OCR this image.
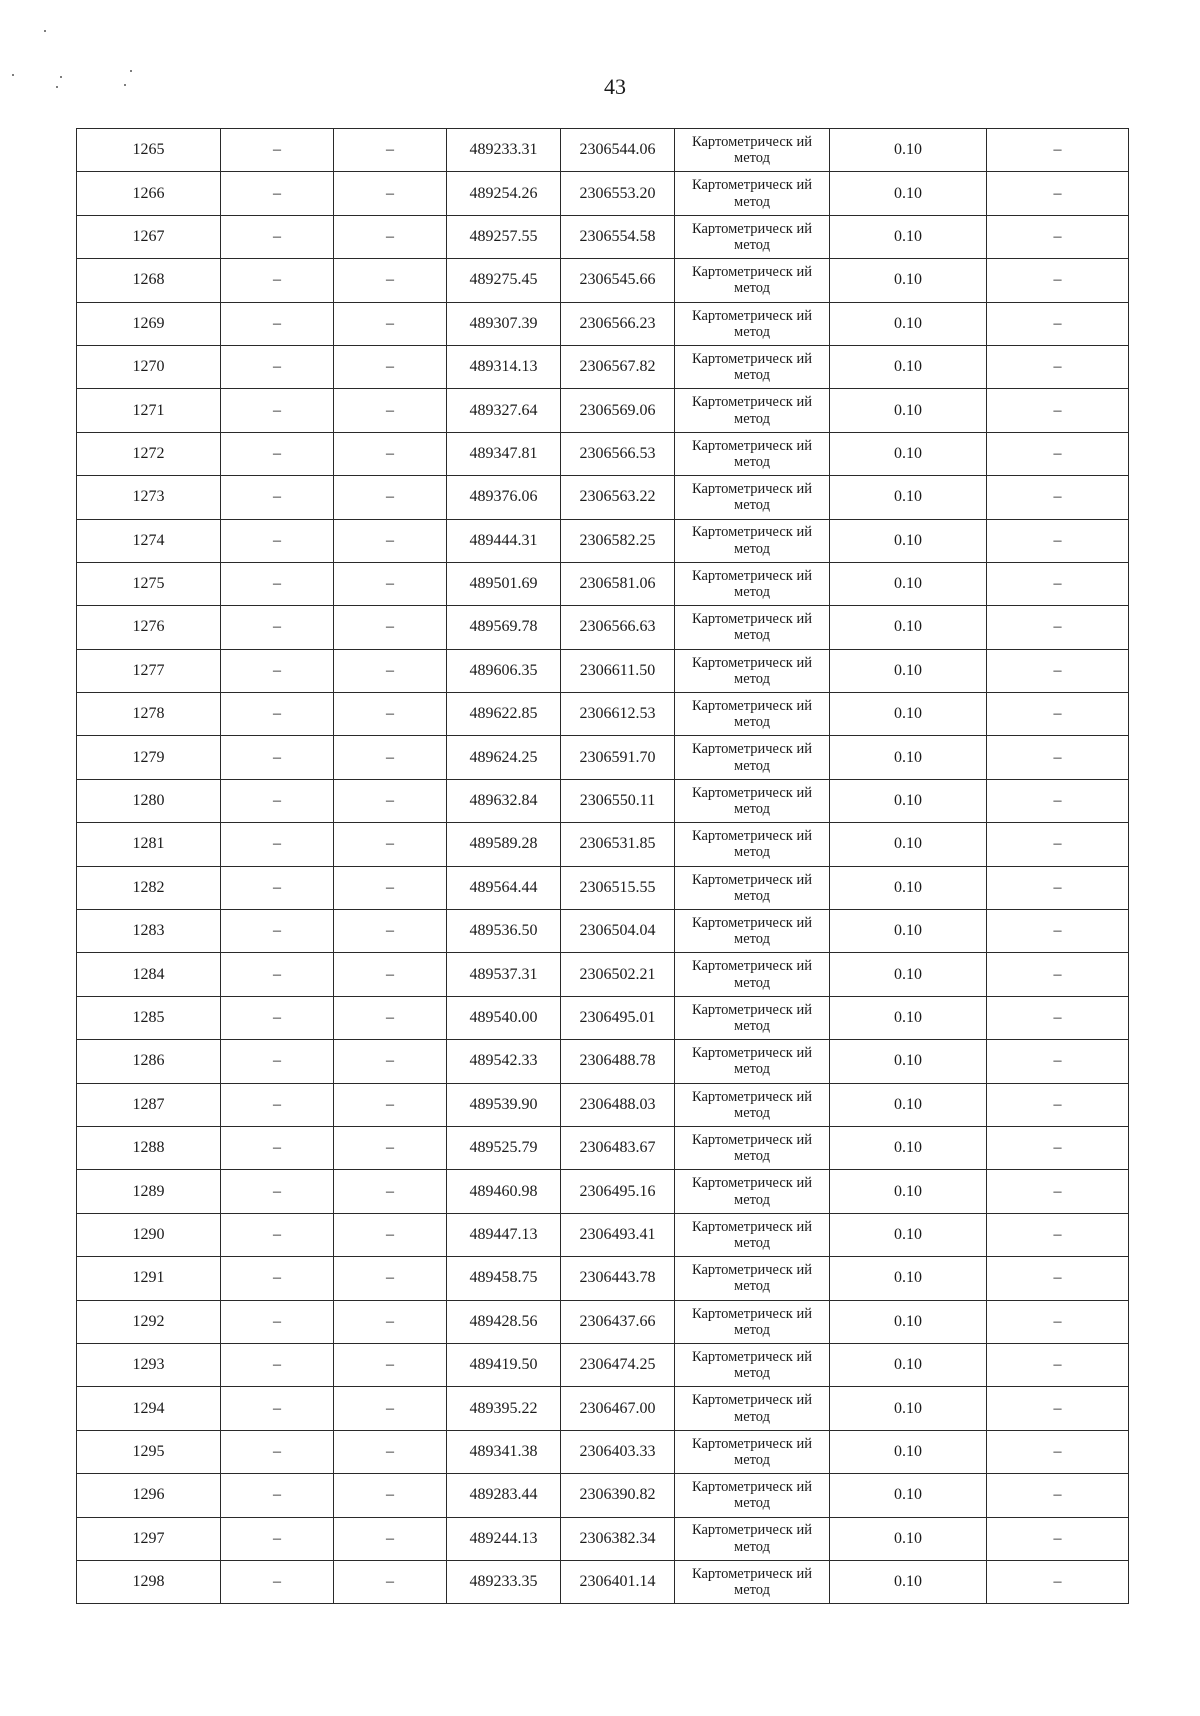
43
1265	–	–	489233.31	2306544.06	Картометрическ ий метод	0.10	–
1266	–	–	489254.26	2306553.20	Картометрическ ий метод	0.10	–
1267	–	–	489257.55	2306554.58	Картометрическ ий метод	0.10	–
1268	–	–	489275.45	2306545.66	Картометрическ ий метод	0.10	–
1269	–	–	489307.39	2306566.23	Картометрическ ий метод	0.10	–
1270	–	–	489314.13	2306567.82	Картометрическ ий метод	0.10	–
1271	–	–	489327.64	2306569.06	Картометрическ ий метод	0.10	–
1272	–	–	489347.81	2306566.53	Картометрическ ий метод	0.10	–
1273	–	–	489376.06	2306563.22	Картометрическ ий метод	0.10	–
1274	–	–	489444.31	2306582.25	Картометрическ ий метод	0.10	–
1275	–	–	489501.69	2306581.06	Картометрическ ий метод	0.10	–
1276	–	–	489569.78	2306566.63	Картометрическ ий метод	0.10	–
1277	–	–	489606.35	2306611.50	Картометрическ ий метод	0.10	–
1278	–	–	489622.85	2306612.53	Картометрическ ий метод	0.10	–
1279	–	–	489624.25	2306591.70	Картометрическ ий метод	0.10	–
1280	–	–	489632.84	2306550.11	Картометрическ ий метод	0.10	–
1281	–	–	489589.28	2306531.85	Картометрическ ий метод	0.10	–
1282	–	–	489564.44	2306515.55	Картометрическ ий метод	0.10	–
1283	–	–	489536.50	2306504.04	Картометрическ ий метод	0.10	–
1284	–	–	489537.31	2306502.21	Картометрическ ий метод	0.10	–
1285	–	–	489540.00	2306495.01	Картометрическ ий метод	0.10	–
1286	–	–	489542.33	2306488.78	Картометрическ ий метод	0.10	–
1287	–	–	489539.90	2306488.03	Картометрическ ий метод	0.10	–
1288	–	–	489525.79	2306483.67	Картометрическ ий метод	0.10	–
1289	–	–	489460.98	2306495.16	Картометрическ ий метод	0.10	–
1290	–	–	489447.13	2306493.41	Картометрическ ий метод	0.10	–
1291	–	–	489458.75	2306443.78	Картометрическ ий метод	0.10	–
1292	–	–	489428.56	2306437.66	Картометрическ ий метод	0.10	–
1293	–	–	489419.50	2306474.25	Картометрическ ий метод	0.10	–
1294	–	–	489395.22	2306467.00	Картометрическ ий метод	0.10	–
1295	–	–	489341.38	2306403.33	Картометрическ ий метод	0.10	–
1296	–	–	489283.44	2306390.82	Картометрическ ий метод	0.10	–
1297	–	–	489244.13	2306382.34	Картометрическ ий метод	0.10	–
1298	–	–	489233.35	2306401.14	Картометрическ ий метод	0.10	–
